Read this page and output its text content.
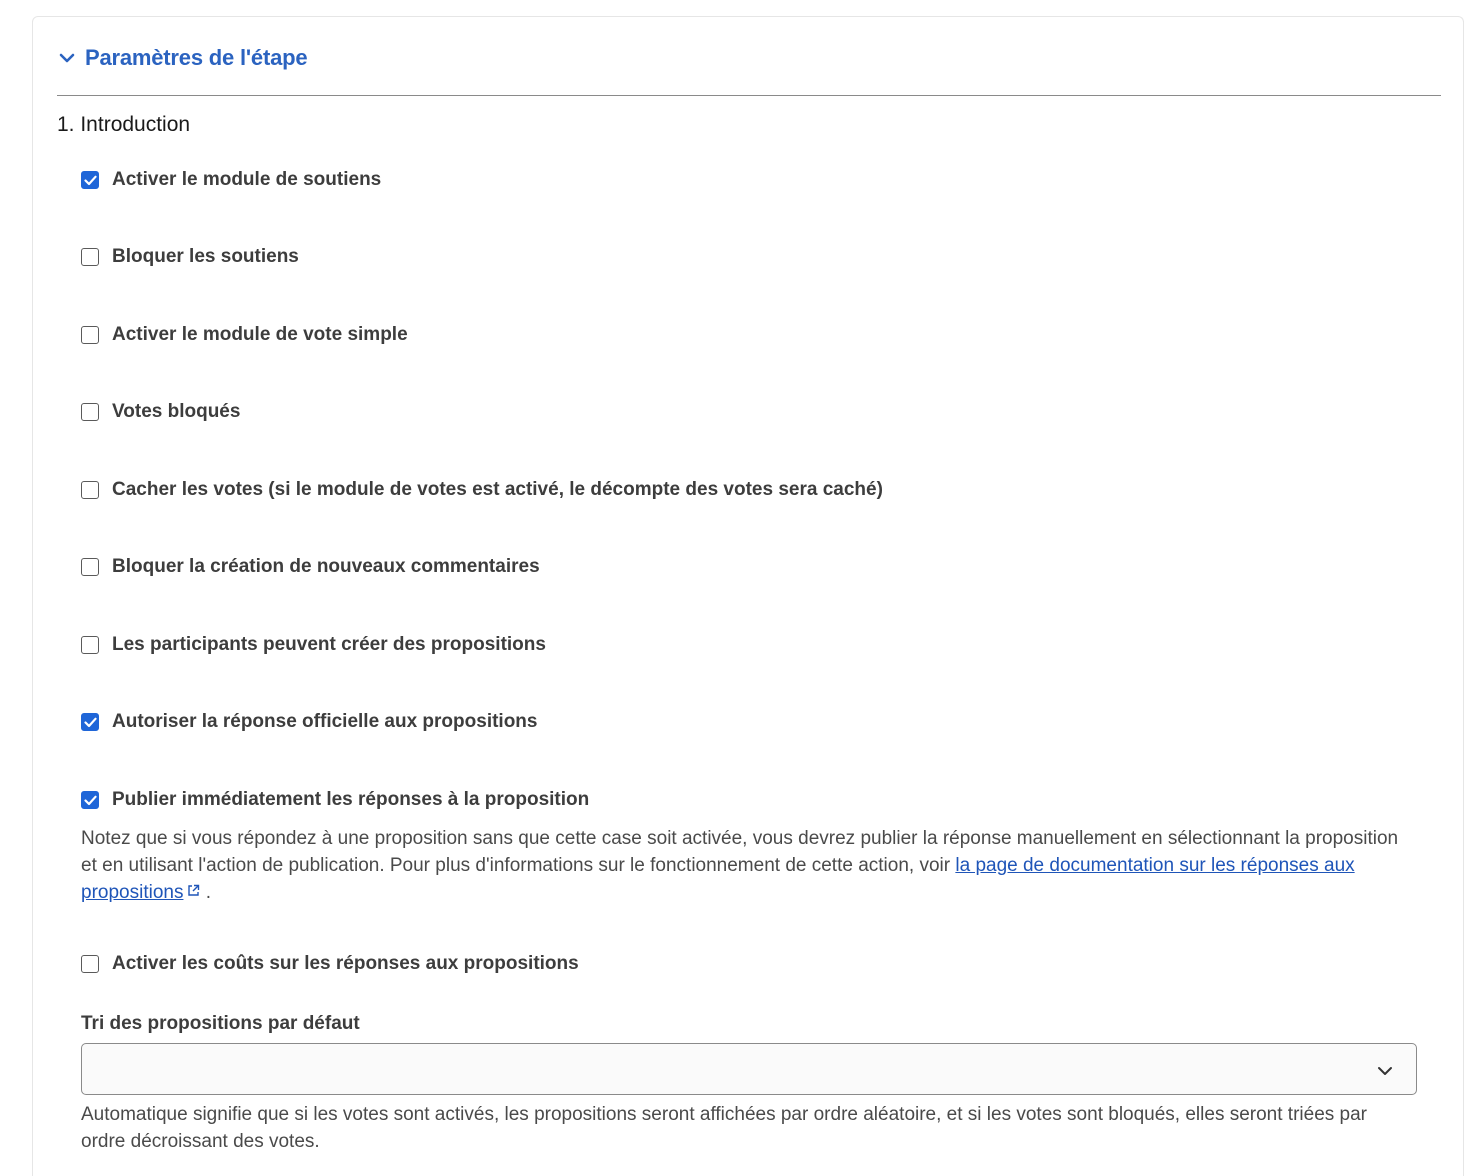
Paramètres de l'étape
1. Introduction
Activer le module de soutiens
Bloquer les soutiens
Activer le module de vote simple
Votes bloqués
Cacher les votes (si le module de votes est activé, le décompte des votes sera caché)
Bloquer la création de nouveaux commentaires
Les participants peuvent créer des propositions
Autoriser la réponse officielle aux propositions
Publier immédiatement les réponses à la proposition
Notez que si vous répondez à une proposition sans que cette case soit activée, vous devrez publier la réponse manuellement en sélectionnant la proposition et en utilisant l'action de publication. Pour plus d'informations sur le fonctionnement de cette action, voir la page de documentation sur les réponses aux propositions .
Activer les coûts sur les réponses aux propositions
Tri des propositions par défaut
Automatique signifie que si les votes sont activés, les propositions seront affichées par ordre aléatoire, et si les votes sont bloqués, elles seront triées par ordre décroissant des votes.
